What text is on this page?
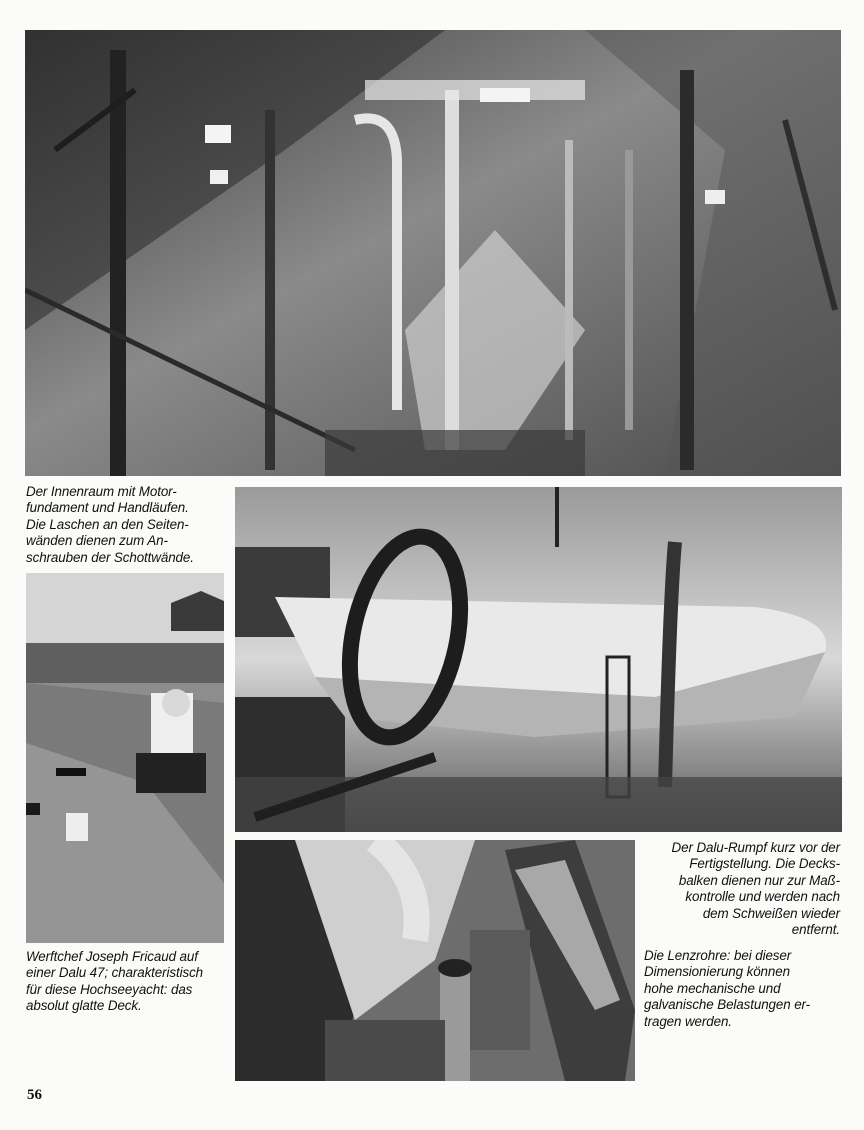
Der Innenraum mit Motor-
fundament und Handläufen.
Die Laschen an den Seiten-
wänden dienen zum An-
schrauben der Schottwände.
Werftchef Joseph Fricaud auf
einer Dalu 47; charakteristisch
für diese Hochseeyacht: das
absolut glatte Deck.
Der Dalu-Rumpf kurz vor der
Fertigstellung. Die Decks-
balken dienen nur zur Maß-
kontrolle und werden nach
dem Schweißen wieder
entfernt.
Die Lenzrohre: bei dieser
Dimensionierung können
hohe mechanische und
galvanische Belastungen er-
tragen werden.
56
